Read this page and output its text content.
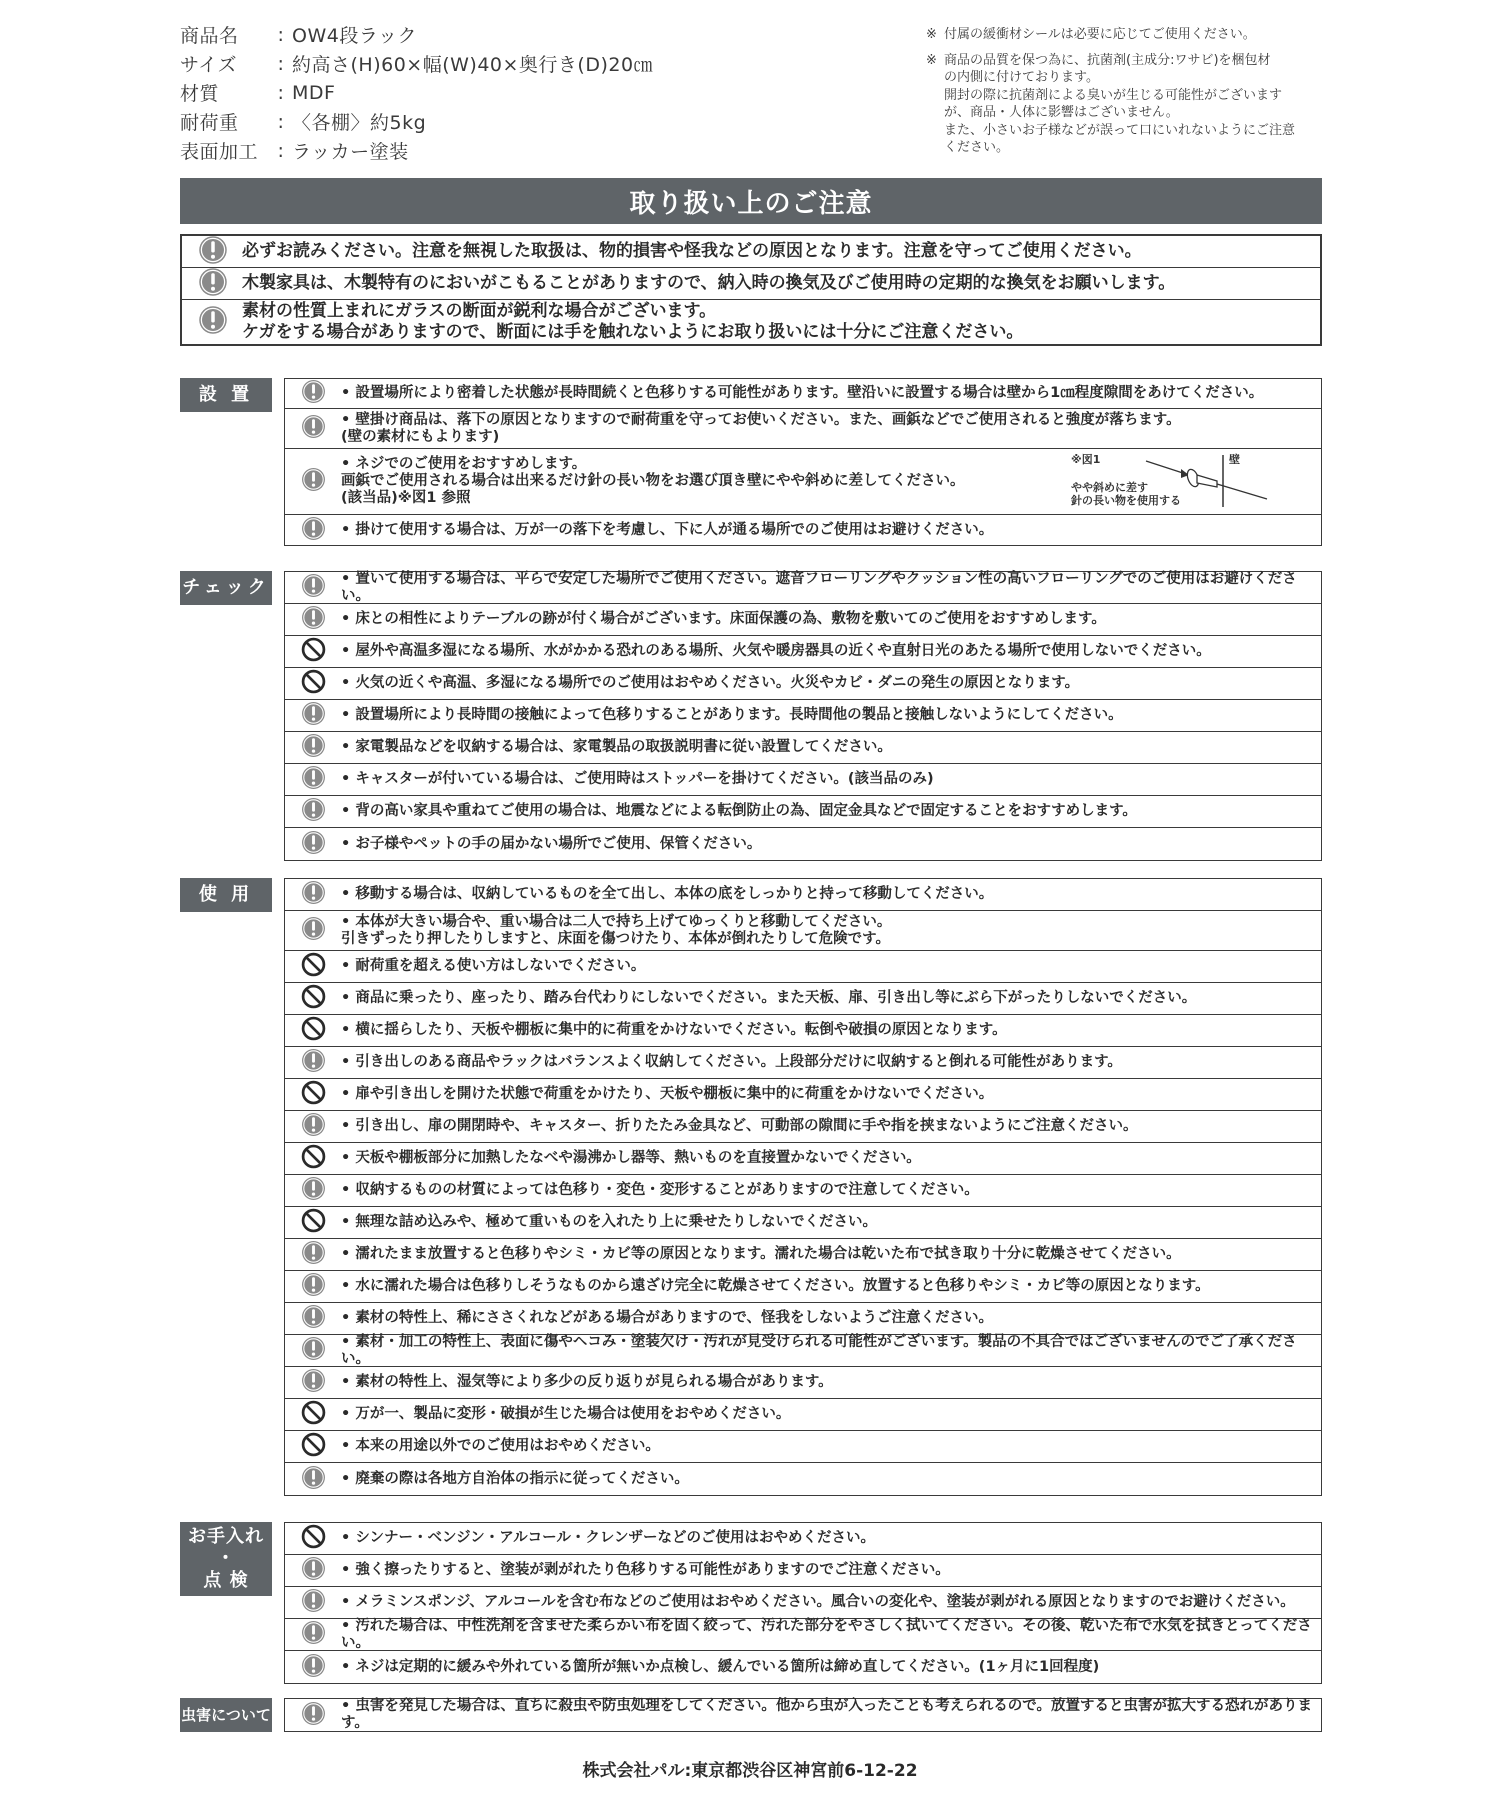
商品名	: OW4段ラック
サイズ	: 約高さ(H)60×幅(W)40×奥行き(D)20㎝
材質	: MDF
耐荷重	: 〈各棚〉約5kg
表面加工	: ラッカー塗装
※ 付属の緩衝材シールは必要に応じてご使用ください。
※ 商品の品質を保つ為に、抗菌剤(主成分:ワサビ)を梱包材
の内側に付けております。
開封の際に抗菌剤による臭いが生じる可能性がございます
が、商品・人体に影響はございません。
また、小さいお子様などが誤って口にいれないようにご注意
ください。
取り扱い上のご注意
必ずお読みください。注意を無視した取扱は、物的損害や怪我などの原因となります。注意を守ってご使用ください。
木製家具は、木製特有のにおいがこもることがありますので、納入時の換気及びご使用時の定期的な換気をお願いします。
素材の性質上まれにガラスの断面が鋭利な場合がございます。
ケガをする場合がありますので、断面には手を触れないようにお取り扱いには十分にご注意ください。
設 置	• 設置場所により密着した状態が長時間続くと色移りする可能性があります。壁沿いに設置する場合は壁から1㎝程度隙間をあけてください。
• 壁掛け商品は、落下の原因となりますので耐荷重を守ってお使いください。また、画鋲などでご使用されると強度が落ちます。
(壁の素材にもよります)
• ネジでのご使用をおすすめします。
画鋲でご使用される場合は出来るだけ針の長い物をお選び頂き壁にやや斜めに差してください。
(該当品)※図1 参照
※図1	壁
やや斜めに差す
針の長い物を使用する
• 掛けて使用する場合は、万が一の落下を考慮し、下に人が通る場所でのご使用はお避けください。
チェック	• 置いて使用する場合は、平らで安定した場所でご使用ください。遮音フローリングやクッション性の高いフローリングでのご使用はお避けください。
• 床との相性によりテーブルの跡が付く場合がございます。床面保護の為、敷物を敷いてのご使用をおすすめします。
• 屋外や高温多湿になる場所、水がかかる恐れのある場所、火気や暖房器具の近くや直射日光のあたる場所で使用しないでください。
• 火気の近くや高温、多湿になる場所でのご使用はおやめください。火災やカビ・ダニの発生の原因となります。
• 設置場所により長時間の接触によって色移りすることがあります。長時間他の製品と接触しないようにしてください。
• 家電製品などを収納する場合は、家電製品の取扱説明書に従い設置してください。
• キャスターが付いている場合は、ご使用時はストッパーを掛けてください。(該当品のみ)
• 背の高い家具や重ねてご使用の場合は、地震などによる転倒防止の為、固定金具などで固定することをおすすめします。
• お子様やペットの手の届かない場所でご使用、保管ください。
使 用	• 移動する場合は、収納しているものを全て出し、本体の底をしっかりと持って移動してください。
• 本体が大きい場合や、重い場合は二人で持ち上げてゆっくりと移動してください。
引きずったり押したりしますと、床面を傷つけたり、本体が倒れたりして危険です。
• 耐荷重を超える使い方はしないでください。
• 商品に乗ったり、座ったり、踏み台代わりにしないでください。また天板、扉、引き出し等にぶら下がったりしないでください。
• 横に揺らしたり、天板や棚板に集中的に荷重をかけないでください。転倒や破損の原因となります。
• 引き出しのある商品やラックはバランスよく収納してください。上段部分だけに収納すると倒れる可能性があります。
• 扉や引き出しを開けた状態で荷重をかけたり、天板や棚板に集中的に荷重をかけないでください。
• 引き出し、扉の開閉時や、キャスター、折りたたみ金具など、可動部の隙間に手や指を挟まないようにご注意ください。
• 天板や棚板部分に加熱したなべや湯沸かし器等、熱いものを直接置かないでください。
• 収納するものの材質によっては色移り・変色・変形することがありますので注意してください。
• 無理な詰め込みや、極めて重いものを入れたり上に乗せたりしないでください。
• 濡れたまま放置すると色移りやシミ・カビ等の原因となります。濡れた場合は乾いた布で拭き取り十分に乾燥させてください。
• 水に濡れた場合は色移りしそうなものから遠ざけ完全に乾燥させてください。放置すると色移りやシミ・カビ等の原因となります。
• 素材の特性上、稀にささくれなどがある場合がありますので、怪我をしないようご注意ください。
• 素材・加工の特性上、表面に傷やヘコみ・塗装欠け・汚れが見受けられる可能性がございます。製品の不具合ではございませんのでご了承ください。
• 素材の特性上、湿気等により多少の反り返りが見られる場合があります。
• 万が一、製品に変形・破損が生じた場合は使用をおやめください。
• 本来の用途以外でのご使用はおやめください。
• 廃棄の際は各地方自治体の指示に従ってください。
お手入れ
・
点 検
• シンナー・ベンジン・アルコール・クレンザーなどのご使用はおやめください。
• 強く擦ったりすると、塗装が剥がれたり色移りする可能性がありますのでご注意ください。
• メラミンスポンジ、アルコールを含む布などのご使用はおやめください。風合いの変化や、塗装が剥がれる原因となりますのでお避けください。
• 汚れた場合は、中性洗剤を含ませた柔らかい布を固く絞って、汚れた部分をやさしく拭いてください。その後、乾いた布で水気を拭きとってください。
• ネジは定期的に緩みや外れている箇所が無いか点検し、緩んでいる箇所は締め直してください。(1ヶ月に1回程度)
虫害について	• 虫害を発見した場合は、直ちに殺虫や防虫処理をしてください。他から虫が入ったことも考えられるので。放置すると虫害が拡大する恐れがあります。
株式会社パル:東京都渋谷区神宮前6-12-22
